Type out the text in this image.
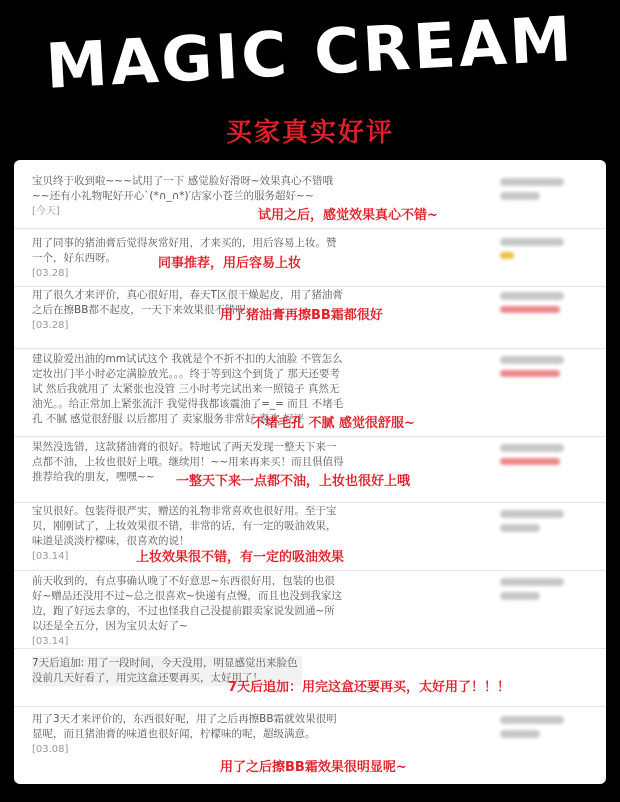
MAGIC CREAM
买家真实好评
宝贝终于收到啦~~~试用了一下 感觉脸好滑呀~效果真心不错哦~~还有小礼物呢好开心`(*∩_∩*)′店家小苍兰的服务超好~~
[今天]	试用之后，感觉效果真心不错~
用了同事的猪油膏后觉得灰常好用，才来买的，用后容易上妆。赞一个，好东西呀。
[03.28]
同事推荐，用后容易上妆
用了很久才来评价，真心很好用，春天T区很干燥起皮，用了猪油膏之后在擦BB都不起皮，一天下来效果很不错呢、
[03.28]
用了猪油膏再擦BB霜都很好
建议脸爱出油的mm试试这个 我就是个不折不扣的大油脸 不管怎么定妆出门半小时必定满脸放光。。。终于等到这个到货了 那天还要考试 然后我就用了 太紧张也没管 三小时考完试出来一照镜子 真然无油光。。给正常加上紧张流汗 我觉得我都该震油了=_= 而且 不堵毛孔 不腻 感觉很舒服 以后都用了 卖家服务非常好 喜欢 好评
不堵毛孔 不腻 感觉很舒服~
果然没选错，这款猪油膏的很好。特地试了两天发现一整天下来一点都不油，上妆也很好上哦。继续用！~~用来再来买！而且俱值得推荐给我的朋友，嘿嘿~~	一整天下来一点都不油，上妆也很好上哦
宝贝很好。包装得很严实，赠送的礼物非常喜欢也很好用。至于宝贝，刚刚试了，上妆效果很不错，非常的话，有一定的吸油效果，味道是淡淡柠檬味，很喜欢的说！
[03.14]	上妆效果很不错，有一定的吸油效果
前天收到的，有点事确认晚了不好意思~东西很好用，包装的也很好~赠品还没用不过~总之很喜欢~快递有点慢，而且也没到我家这边，跑了好远去拿的，不过也怪我自己没提前跟卖家说发圆通~所以还是全五分，因为宝贝太好了~
[03.14]
7天后追加: 用了一段时间，今天没用，明显感觉出来脸色没前几天好看了，用完这盒还要再买，太好用了！
7天后追加：用完这盒还要再买，太好用了！！！
用了3天才来评价的，东西很好呢，用了之后再擦BB霜就效果很明显呢，而且猪油膏的味道也很好闻，柠檬味的呢，超级满意。
[03.08]
用了之后擦BB霜效果很明显呢~
